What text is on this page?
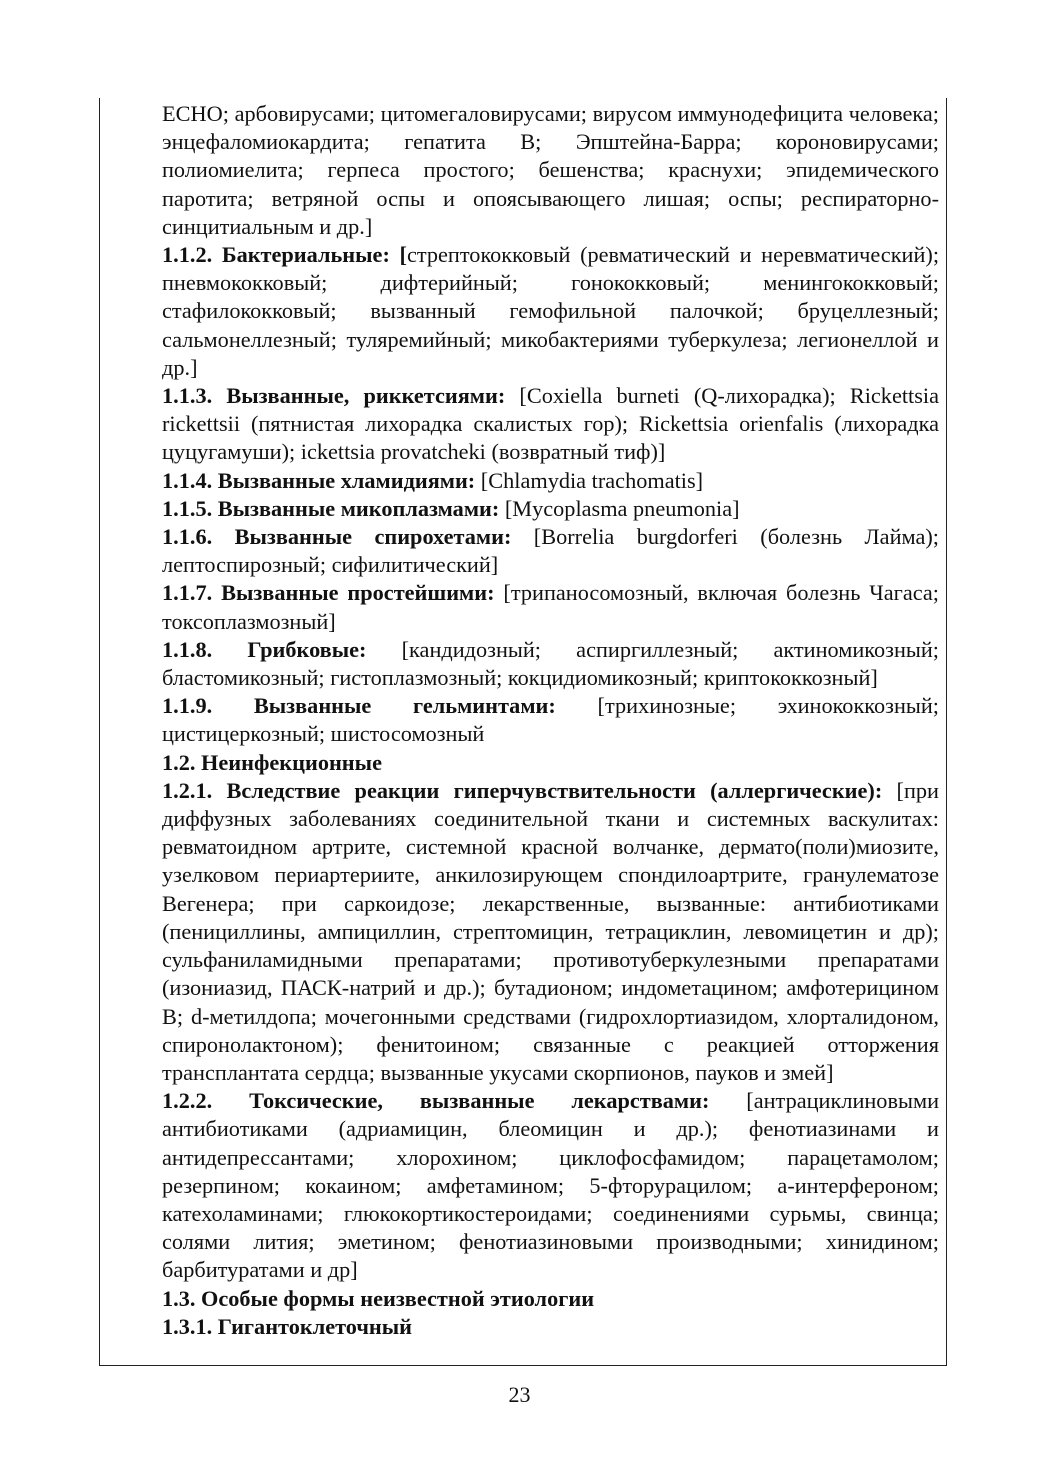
ECHO; арбовирусами; цитомегаловирусами; вирусом иммунодефицита человека; энцефаломиокардита; гепатита B; Эпштейна-Барра; короновирусами; полиомиелита; герпеса простого; бешенства; краснухи; эпидемического паротита; ветряной оспы и опоясывающего лишая; оспы; респираторно-синцитиальным и др.]

1.1.2. Бактериальные: [стрептококковый (ревматический и неревматический); пневмококковый; дифтерийный; гонококковый; менингококковый; стафилококковый; вызванный гемофильной палочкой; бруцеллезный; сальмонеллезный; туляремийный; микобактериями туберкулеза; легионеллой и др.]

1.1.3. Вызванные, риккетсиями: [Coxiella burneti (Q-лихорадка); Rickettsia rickettsii (пятнистая лихорадка скалистых гор); Rickettsia orienfalis (лихорадка цуцугамуши); ickettsia provatcheki (возвратный тиф)]

1.1.4. Вызванные хламидиями: [Chlamydia trachomatis]

1.1.5. Вызванные микоплазмами: [Mycoplasma pneumonia]

1.1.6. Вызванные спирохетами: [Borrelia burgdorferi (болезнь Лайма); лептоспирозный; сифилитический]

1.1.7. Вызванные простейшими: [трипаносомозный, включая болезнь Чагаса; токсоплазмозный]

1.1.8. Грибковые: [кандидозный; аспиргиллезный; актиномикозный; бластомикозный; гистоплазмозный; кокцидиомикозный; криптококкозный]

1.1.9. Вызванные гельминтами: [трихинозные; эхинококкозный; цистицеркозный; шистосомозный

1.2. Неинфекционные

1.2.1. Вследствие реакции гиперчувствительности (аллергические): [при диффузных заболеваниях соединительной ткани и системных васкулитах: ревматоидном артрите, системной красной волчанке, дерматo(поли)миозите, узелковом периартериите, анкилозирующем спондилоартрите, гранулематозе Вегенера; при саркоидозе; лекарственные, вызванные: антибиотиками (пенициллины, ампициллин, стрептомицин, тетрациклин, левомицетин и др); сульфаниламидными препаратами; противотуберкулезными препаратами (изониазид, ПАСК-натрий и др.); бутадионом; индометацином; амфотерицином B; d-метилдопа; мочегонными средствами (гидрохлортиазидом, хлорталидоном, спиронолактоном); фенитоином; связанные с реакцией отторжения трансплантата сердца; вызванные укусами скорпионов, пауков и змей]

1.2.2. Токсические, вызванные лекарствами: [антрациклиновыми антибиотиками (адриамицин, блеомицин и др.); фенотиазинами и антидепрессантами; хлорохином; циклофосфамидом; парацетамолом; резерпином; кокаином; амфетамином; 5-фторурацилом; a-интерфероном; катехоламинами; глюкокортикостероидами; соединениями сурьмы, свинца; солями лития; эметином; фенотиазиновыми производными; хинидином; барбитуратами и др]

1.3. Особые формы неизвестной этиологии

1.3.1. Гигантоклеточный

23
